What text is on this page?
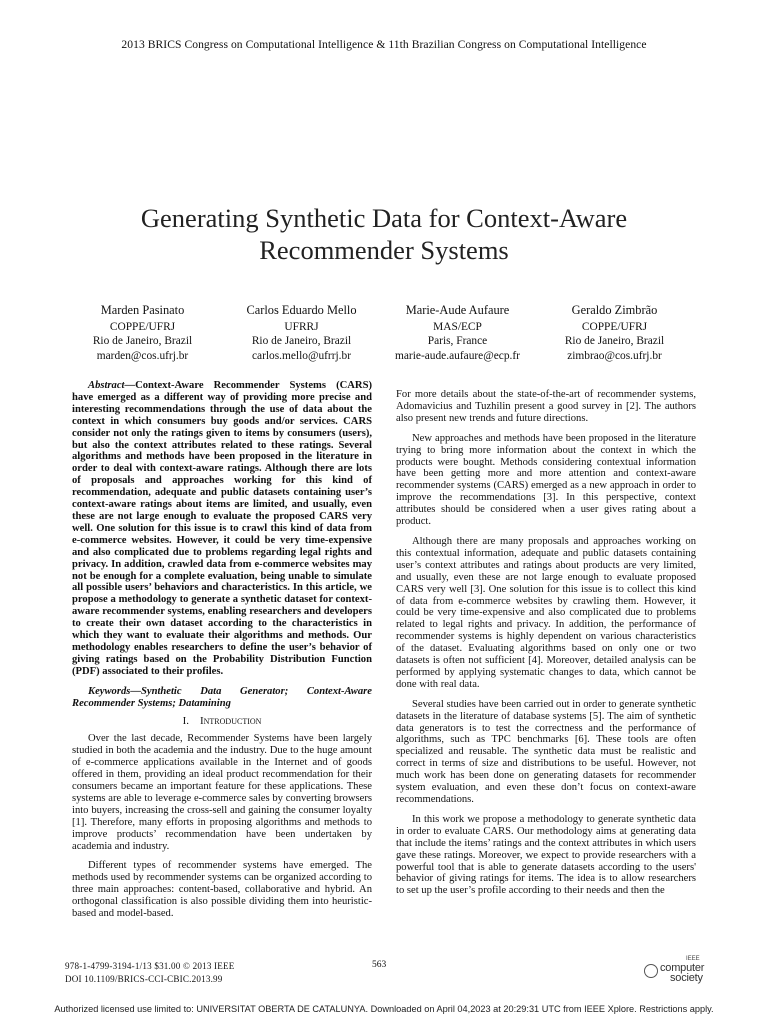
2013 BRICS Congress on Computational Intelligence & 11th Brazilian Congress on Computational Intelligence
Generating Synthetic Data for Context-Aware
Recommender Systems
Marden Pasinato
COPPE/UFRJ
Rio de Janeiro, Brazil
marden@cos.ufrj.br
Carlos Eduardo Mello
UFRRJ
Rio de Janeiro, Brazil
carlos.mello@ufrrj.br
Marie-Aude Aufaure
MAS/ECP
Paris, France
marie-aude.aufaure@ecp.fr
Geraldo Zimbrão
COPPE/UFRJ
Rio de Janeiro, Brazil
zimbrao@cos.ufrj.br

Abstract—Context-Aware Recommender Systems (CARS) have emerged as a different way of providing more precise and interesting recommendations through the use of data about the context in which consumers buy goods and/or services. CARS consider not only the ratings given to items by consumers (users), but also the context attributes related to these ratings. Several algorithms and methods have been proposed in the literature in order to deal with context-aware ratings. Although there are lots of proposals and approaches working for this kind of recommendation, adequate and public datasets containing user’s context-aware ratings about items are limited, and usually, even these are not large enough to evaluate the proposed CARS very well. One solution for this issue is to crawl this kind of data from e-commerce websites. However, it could be very time-expensive and also complicated due to problems regarding legal rights and privacy. In addition, crawled data from e-commerce websites may not be enough for a complete evaluation, being unable to simulate all possible users’ behaviors and characteristics. In this article, we propose a methodology to generate a synthetic dataset for context-aware recommender systems, enabling researchers and developers to create their own dataset according to the characteristics in which they want to evaluate their algorithms and methods. Our methodology enables researchers to define the user’s behavior of giving ratings based on the Probability Distribution Function (PDF) associated to their profiles.

Keywords—Synthetic Data Generator; Context-Aware Recommender Systems; Datamining

I. Introduction

Over the last decade, Recommender Systems have been largely studied in both the academia and the industry. Due to the huge amount of e-commerce applications available in the Internet and of goods offered in them, providing an ideal product recommendation for their consumers became an important feature for these applications. These systems are able to leverage e-commerce sales by converting browsers into buyers, increasing the cross-sell and gaining the consumer loyalty [1]. Therefore, many efforts in proposing algorithms and methods to improve products’ recommendation have been undertaken by academia and industry.

Different types of recommender systems have emerged. The methods used by recommender systems can be organized according to three main approaches: content-based, collaborative and hybrid. An orthogonal classification is also possible dividing them into heuristic-based and model-based.

For more details about the state-of-the-art of recommender systems, Adomavicius and Tuzhilin present a good survey in [2]. The authors also present new trends and future directions.

New approaches and methods have been proposed in the literature trying to bring more information about the context in which the products were bought. Methods considering contextual information have been getting more and more attention and context-aware recommender systems (CARS) emerged as a new approach in order to improve the recommendations [3]. In this perspective, context attributes should be considered when a user gives rating about a product.

Although there are many proposals and approaches working on this contextual information, adequate and public datasets containing user’s context attributes and ratings about products are very limited, and usually, even these are not large enough to evaluate proposed CARS very well [3]. One solution for this issue is to collect this kind of data from e-commerce websites by crawling them. However, it could be very time-expensive and also complicated due to problems related to legal rights and privacy. In addition, the performance of recommender systems is highly dependent on various characteristics of the dataset. Evaluating algorithms based on only one or two datasets is often not sufficient [4]. Moreover, detailed analysis can be performed by applying systematic changes to data, which cannot be done with real data.

Several studies have been carried out in order to generate synthetic datasets in the literature of database systems [5]. The aim of synthetic data generators is to test the correctness and the performance of algorithms, such as TPC benchmarks [6]. These tools are often specialized and reusable. The synthetic data must be realistic and correct in terms of size and distributions to be useful. However, not much work has been done on generating datasets for recommender system evaluation, and even these don’t focus on context-aware recommendations.

In this work we propose a methodology to generate synthetic data in order to evaluate CARS. Our methodology aims at generating data that include the items’ ratings and the context attributes in which users gave these ratings. Moreover, we expect to provide researchers with a powerful tool that is able to generate datasets according to the users' behavior of giving ratings for items. The idea is to allow researchers to set up the user’s profile according to their needs and then the

978-1-4799-3194-1/13 $31.00 © 2013 IEEE
DOI 10.1109/BRICS-CCI-CBIC.2013.99
563
IEEE
computer
society
Authorized licensed use limited to: UNIVERSITAT OBERTA DE CATALUNYA. Downloaded on April 04,2023 at 20:29:31 UTC from IEEE Xplore. Restrictions apply.
